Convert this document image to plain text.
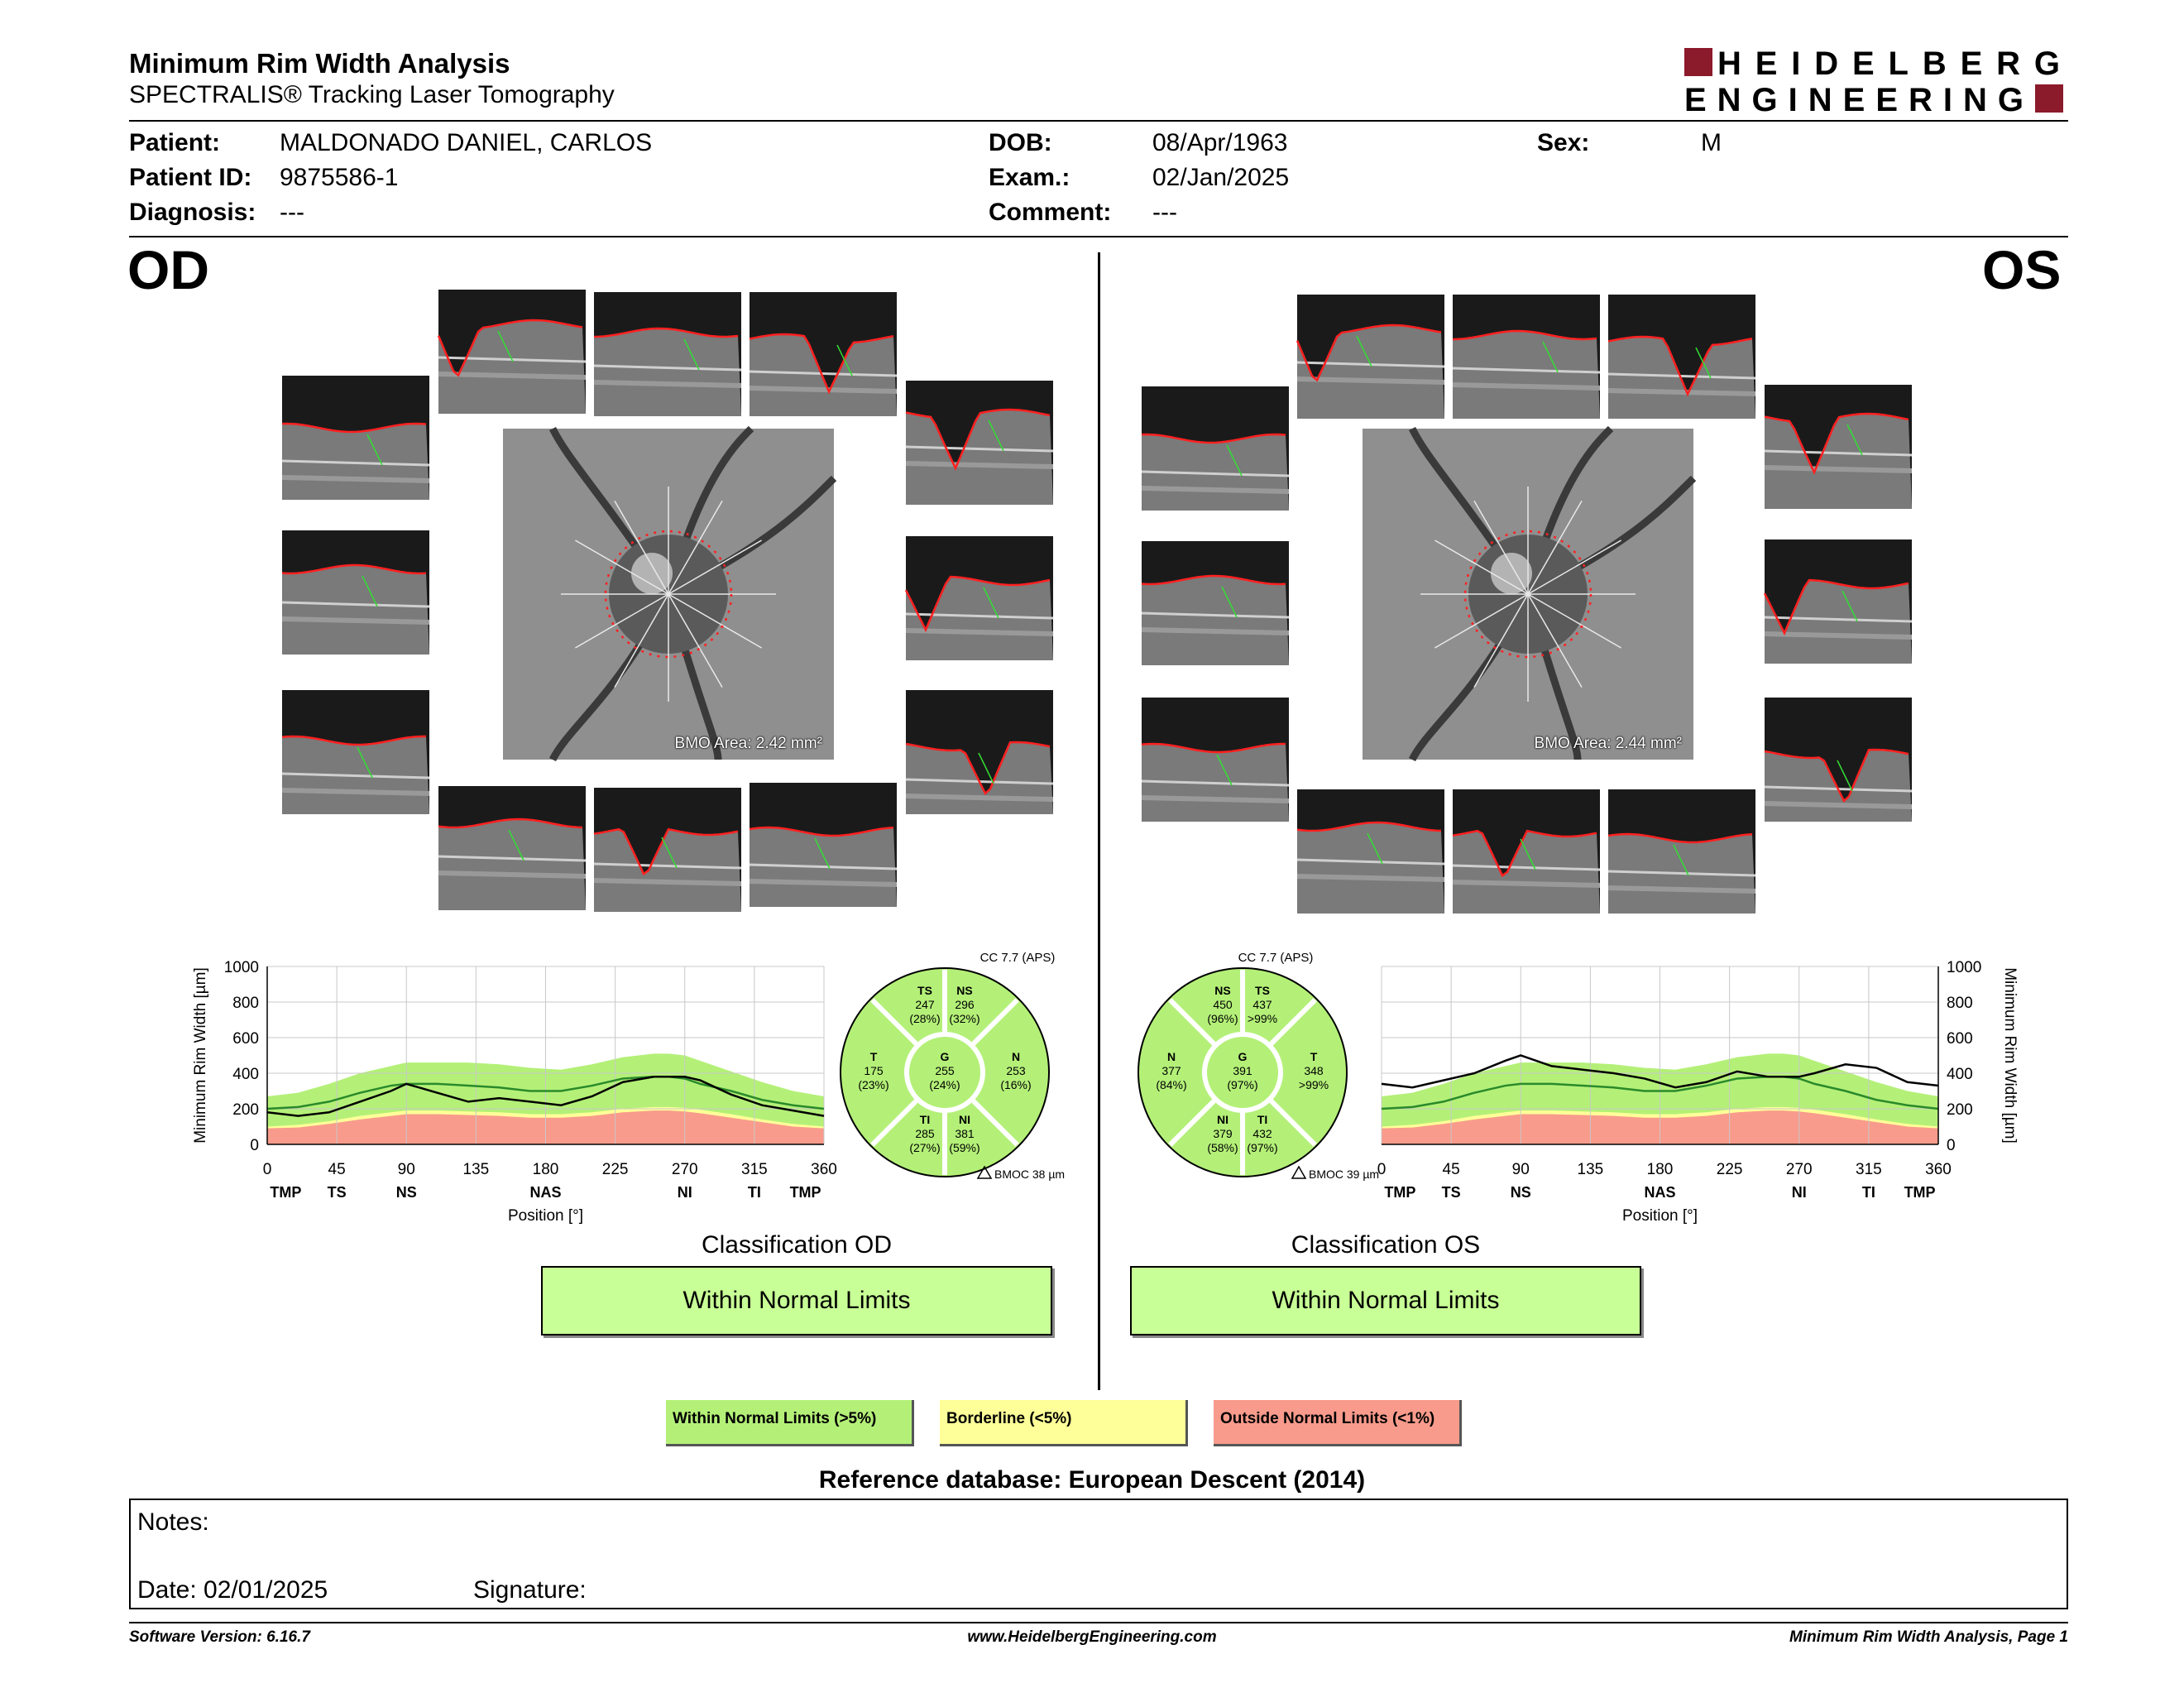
Minimum Rim Width Analysis
SPECTRALIS® Tracking Laser Tomography
HEIDELBERG
ENGINEERING
Patient: MALDONADO DANIEL, CARLOS
Patient ID: 9875586-1
Diagnosis: ---
DOB:	08/Apr/1963
Exam.:	02/Jan/2025
Comment: ---
Sex:	M
OD	OS
BMO Area: 2.42 mm²	BMO Area: 2.44 mm²
0
200
400
600
800
1000
0	45	90	135	180	225	270	315	360
TMP TS	NS	NAS	NI	TI TMP
Position [°]
Minimum Rim Width [µm]
CC 7.7 (APS)
TS
247
(28%)
NS
296
(32%)
T
175
(23%)
G
255
(24%)
N
253
(16%)
TI
285
(27%)
NI
381
(59%)
BMOC 38 µm
CC 7.7 (APS)
NS
450
(96%)
TS
437
>99%
N
377
(84%)
G
391
(97%)
T
348
>99%
NI
379
(58%)
TI
432
(97%)
BMOC 39 µm
0
200
400
600
800
1000
0	45	90	135	180	225	270	315	360
TMP TS	NS	NAS	NI	TI TMP
Position [°]
Minimum Rim Width [µm]
Classification OD
Within Normal Limits
Classification OS
Within Normal Limits
Within Normal Limits (>5%)	Borderline (<5%)	Outside Normal Limits (<1%)
Reference database: European Descent (2014)
Notes:
Date: 02/01/2025	Signature:
Software Version: 6.16.7	www.HeidelbergEngineering.com	Minimum Rim Width Analysis, Page 1
